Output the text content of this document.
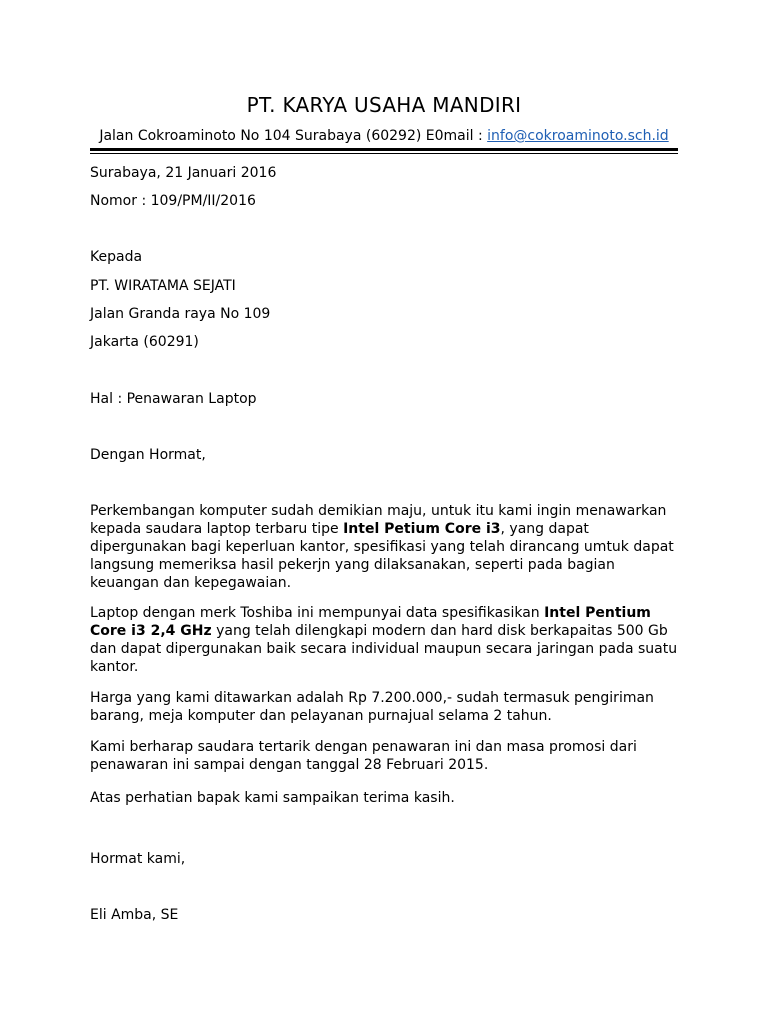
PT. KARYA USAHA MANDIRI
Jalan Cokroaminoto No 104 Surabaya (60292) E0mail : info@cokroaminoto.sch.id
Surabaya, 21 Januari 2016
Nomor : 109/PM/II/2016
Kepada
PT. WIRATAMA SEJATI
Jalan Granda raya No 109
Jakarta (60291)
Hal : Penawaran Laptop
Dengan Hormat,
Perkembangan komputer sudah demikian maju, untuk itu kami ingin menawarkan kepada saudara laptop terbaru tipe Intel Petium Core i3, yang dapat dipergunakan bagi keperluan kantor, spesifikasi yang telah dirancang umtuk dapat langsung memeriksa hasil pekerjn yang dilaksanakan, seperti pada bagian keuangan dan kepegawaian.
Laptop dengan merk Toshiba ini mempunyai data spesifikasikan Intel Pentium Core i3 2,4 GHz yang telah dilengkapi modern dan hard disk berkapaitas 500 Gb dan dapat dipergunakan baik secara individual maupun secara jaringan pada suatu kantor.
Harga yang kami ditawarkan adalah Rp 7.200.000,- sudah termasuk pengiriman barang, meja komputer dan pelayanan purnajual selama 2 tahun.
Kami berharap saudara tertarik dengan penawaran ini dan masa promosi dari penawaran ini sampai dengan tanggal 28 Februari 2015.
Atas perhatian bapak kami sampaikan terima kasih.
Hormat kami,
Eli Amba, SE
